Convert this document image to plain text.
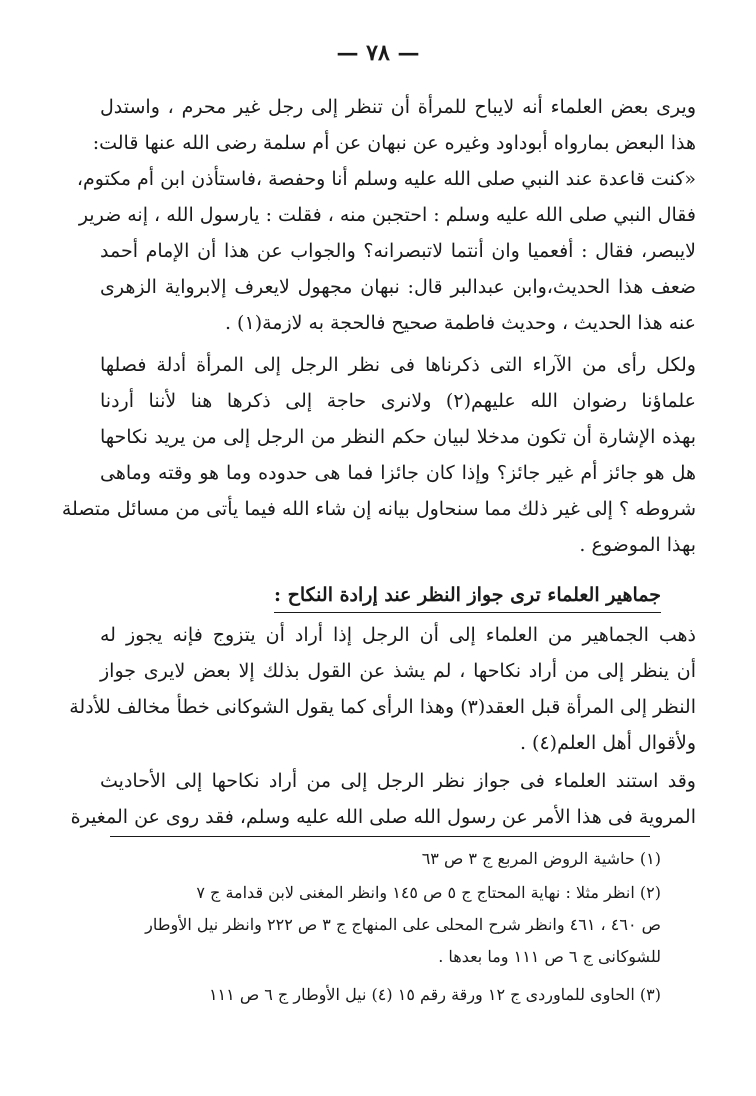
— ٧٨ —
ويرى بعض العلماء أنه لايباح للمرأة أن تنظر إلى رجل غير محرم ، واستدل
هذا البعض بمارواه أبوداود وغيره عن نبهان عن أم سلمة رضى الله عنها قالت:
«كنت قاعدة عند النبي صلى الله عليه وسلم أنا وحفصة ،فاستأذن ابن أم مكتوم،
فقال النبي صلى الله عليه وسلم : احتجبن منه ، فقلت : يارسول الله ، إنه ضرير
لايبصر، فقال : أفعميا وان أنتما لاتبصرانه؟ والجواب عن هذا أن الإمام أحمد
ضعف هذا الحديث،وابن عبدالبر قال: نبهان مجهول لايعرف إلابرواية الزهرى
عنه هذا الحديث ، وحديث فاطمة صحيح فالحجة به لازمة(١) .
ولكل رأى من الآراء التى ذكرناها فى نظر الرجل إلى المرأة أدلة فصلها
علماؤنا رضوان الله عليهم(٢) ولانرى حاجة إلى ذكرها هنا لأننا أردنا
بهذه الإشارة أن تكون مدخلا لبيان حكم النظر من الرجل إلى من يريد نكاحها
هل هو جائز أم غير جائز؟ وإذا كان جائزا فما هى حدوده وما هو وقته وماهى
شروطه ؟ إلى غير ذلك مما سنحاول بيانه إن شاء الله فيما يأتى من مسائل متصلة
بهذا الموضوع .
جماهير العلماء ترى جواز النظر عند إرادة النكاح :
ذهب الجماهير من العلماء إلى أن الرجل إذا أراد أن يتزوج فإنه يجوز له
أن ينظر إلى من أراد نكاحها ، لم يشذ عن القول بذلك إلا بعض لايرى جواز
النظر إلى المرأة قبل العقد(٣) وهذا الرأى كما يقول الشوكانى خطأ مخالف للأدلة
ولأقوال أهل العلم(٤) .
وقد استند العلماء فى جواز نظر الرجل إلى من أراد نكاحها إلى الأحاديث
المروية فى هذا الأمر عن رسول الله صلى الله عليه وسلم، فقد روى عن المغيرة
(١) حاشية الروض المربع ج ٣ ص ٦٣
(٢) انظر مثلا : نهاية المحتاج ج ٥ ص ١٤٥ وانظر المغنى لابن قدامة ج ٧
ص ٤٦٠ ، ٤٦١ وانظر شرح المحلى على المنهاج ج ٣ ص ٢٢٢ وانظر نيل الأوطار
للشوكانى ج ٦ ص ١١١ وما بعدها .
(٣) الحاوى للماوردى ج ١٢ ورقة رقم ١٥ (٤) نيل الأوطار ج ٦ ص ١١١
